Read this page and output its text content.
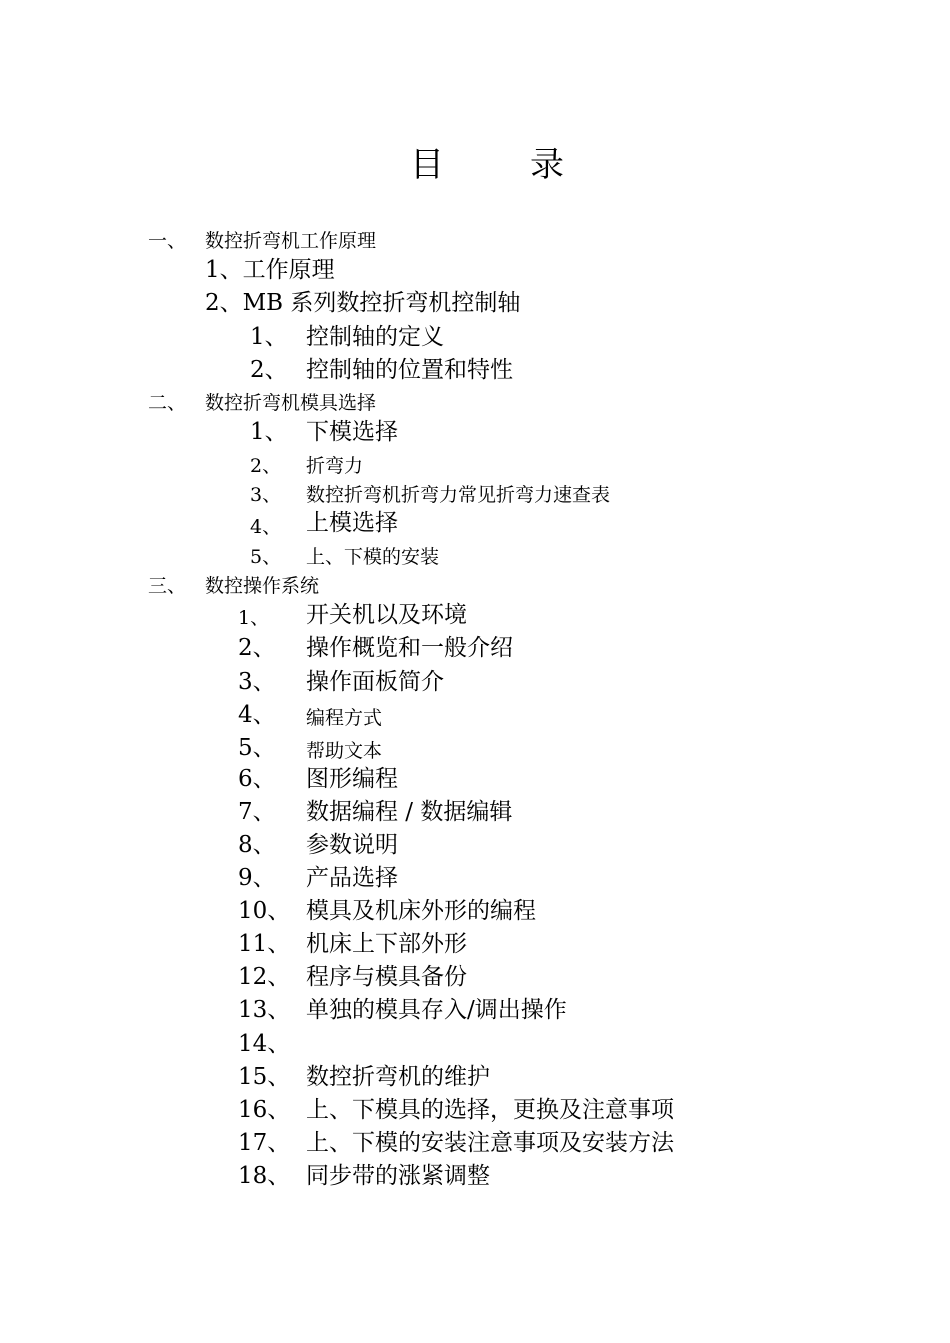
目	录
一、 数控折弯机工作原理
1、工作原理
2、MB 系列数控折弯机控制轴
1、 控制轴的定义
2、 控制轴的位置和特性
二、 数控折弯机模具选择
1、 下模选择
2、 折弯力
3、 数控折弯机折弯力常见折弯力速查表
4、 上模选择
5、 上、下模的安装
三、 数控操作系统
1、 开关机以及环境
2、 操作概览和一般介绍
3、 操作面板简介
4、 编程方式
5、 帮助文本
6、 图形编程
7、 数据编程 / 数据编辑
8、 参数说明
9、 产品选择
10、 模具及机床外形的编程
11、 机床上下部外形
12、 程序与模具备份
13、 单独的模具存入/调出操作
14、
15、 数控折弯机的维护
16、 上、下模具的选择，更换及注意事项
17、 上、下模的安装注意事项及安装方法
18、 同步带的涨紧调整
